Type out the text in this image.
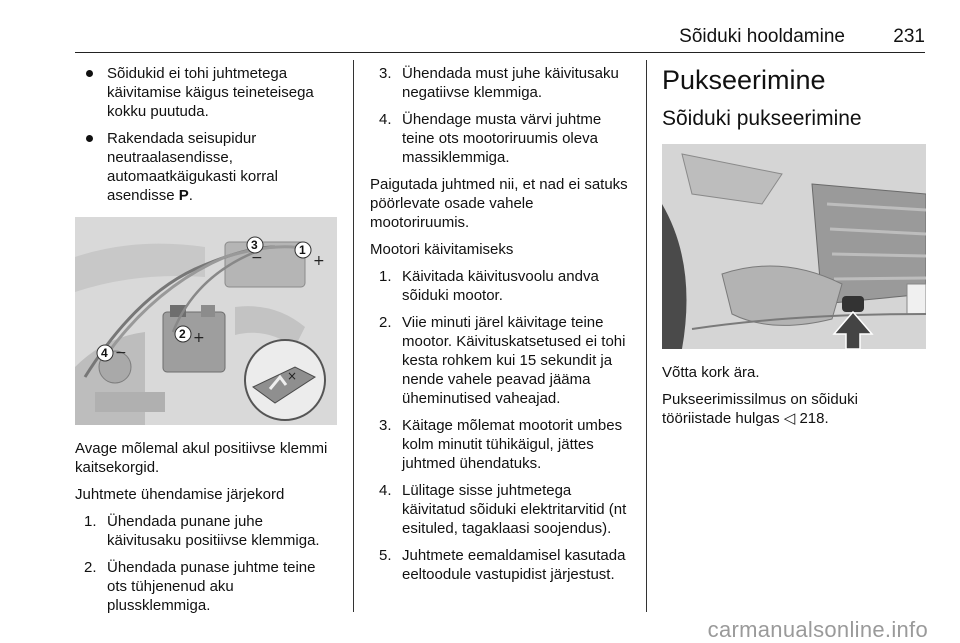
Sõiduki hooldamine	231
Sõidukid ei tohi juhtmetega käivitamise käigus teineteisega kokku puutuda.
Rakendada seisupidur neutraalasendisse, automaatkäigukasti korral asendisse P.
×
1
2
3
4
+
+
−
−

Avage mõlemal akul positiivse klemmi kaitsekorgid.

Juhtmete ühendamise järjekord

1. Ühendada punane juhe käivitusaku positiivse klemmiga.
2. Ühendada punase juhtme teine ots tühjenenud aku plussklemmiga.
3. Ühendada must juhe käivitusaku negatiivse klemmiga.
4. Ühendage musta värvi juhtme teine ots mootoriruumis oleva massiklemmiga.

Paigutada juhtmed nii, et nad ei satuks pöörlevate osade vahele mootoriruumis.

Mootori käivitamiseks

1. Käivitada käivitusvoolu andva sõiduki mootor.
2. Viie minuti järel käivitage teine mootor. Käivituskatsetused ei tohi kesta rohkem kui 15 sekundit ja nende vahele peavad jääma üheminutised vaheajad.
3. Käitage mõlemat mootorit umbes kolm minutit tühikäigul, jättes juhtmed ühendatuks.
4. Lülitage sisse juhtmetega käivitatud sõiduki elektritarvitid (nt esituled, tagaklaasi soojendus).
5. Juhtmete eemaldamisel kasutada eeltoodule vastupidist järjestust.
Pukseerimine
Sõiduki pukseerimine

Võtta kork ära.

Pukseerimissilmus on sõiduki tööriistade hulgas ◁ 218.

carmanualsonline.info
